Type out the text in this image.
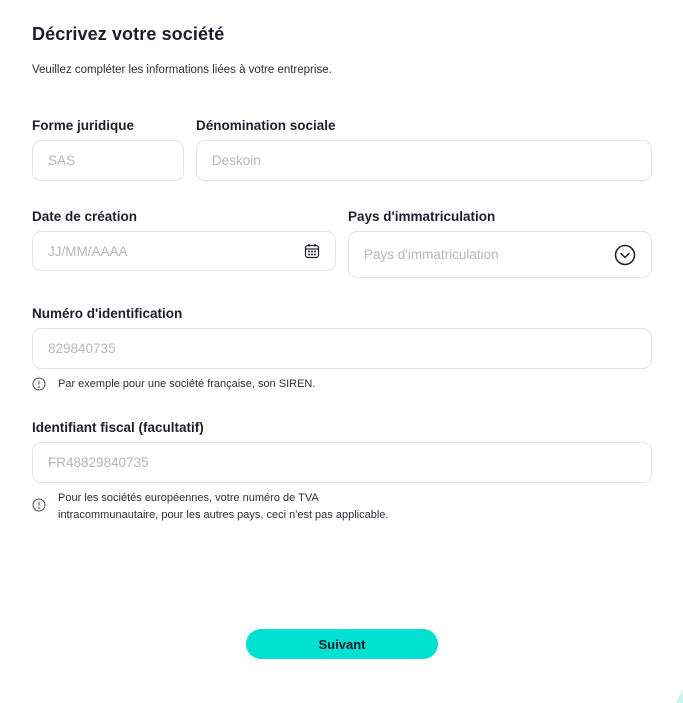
Décrivez votre société
Veuillez compléter les informations liées à votre entreprise.
Forme juridique
SAS	Dénomination sociale
Deskoin
Date de création
JJ/MM/AAAA	Pays d'immatriculation
Pays d'immatriculation
Numéro d'identification
829840735
Par exemple pour une société française, son SIREN.
Identifiant fiscal (facultatif)
FR48829840735
Pour les sociétés européennes, votre numéro de TVA
intracommunautaire, pour les autres pays, ceci n'est pas applicable.
Suivant
